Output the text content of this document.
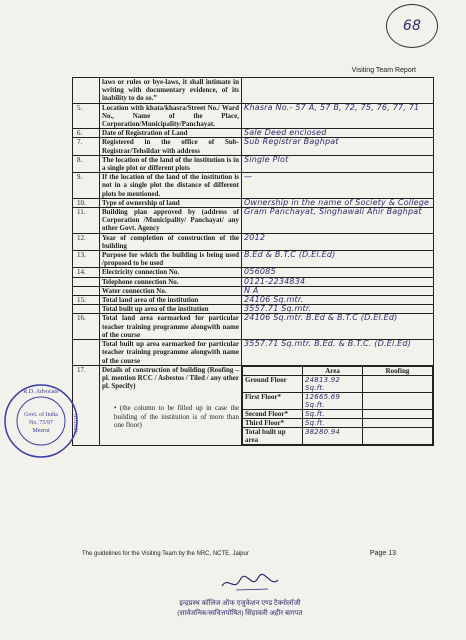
68
Visiting Team Report
	laws or rules or bye-laws, it shall intimate in writing with documentary evidence, of its inability to do so.”	
5.	Location with khata/khasra/Street No./ Ward No., Name of the Place, Corporation/Municipality/Panchayat.	Khasra No.- 57 A, 57 B, 72, 75, 76, 77, 71
6.	Date of Registration of Land	Sale Deed enclosed
7.	Registered in the office of Sub-Registrar/Tehsildar with address	Sub Registrar Baghpat
8.	The location of the land of the institution is in a single plot or different plots	Single Plot
9.	If the location of the land of the institution is not in a single plot the distance of different plots be mentioned.	—
10.	Type of ownership of land	Ownership in the name of Society & College
11.	Building plan approved by (address of Corporation /Municipality/ Panchayat/ any other Govt. Agency	Gram Panchayat, Singhawali Ahir Baghpat
12.	Year of completion of construction of the building	2012
13.	Purpose for which the building is being used /proposed to be used	B.Ed & B.T.C (D.El.Ed)
14.	Electricity connection No.	056085
	Telephone connection No.	0121-2234834
	Water connection No.	N A
15.	Total land area of the institution	24106 Sq.mtr.
	Total built up area of the institution	3557.71 Sq.mtr.
16.	Total land area earmarked for particular teacher training programme alongwith name of the course	24106 Sq.mtr. B.Ed & B.T.C (D.El.Ed)
	Total built up area earmarked for particular teacher training programme alongwith name of the course	3557.71 Sq.mtr. B.Ed. & B.T.C. (D.El.Ed)
17.	Details of construction of building (Roofing – pl. mention RCC / Asbestos / Tiled / any other pl. Specify)
• (the column to be filled up in case the building of the institution is of more than one floor)

	Area	Roofing
Ground Floor	24813.92 Sq.ft.	
First Floor*	12665.69 Sq.ft.	
Second Floor*	Sq.ft.	
Third Floor*	Sq.ft.	
Total built up area	38280.94	
Govt. of India
No. 75/97
Meerut
R.D. Advocate
NOTARY
The guidelines for the Visiting Team by the NRC, NCTE, Jaipur	Page 13
इन्द्रप्रस्थ कॉलिज ऑफ एजुकेशन एण्ड टैक्नोलॉजी
(सार्वजनिक/स्ववित्तपोषित) सिंहावली अहीर बागपत
